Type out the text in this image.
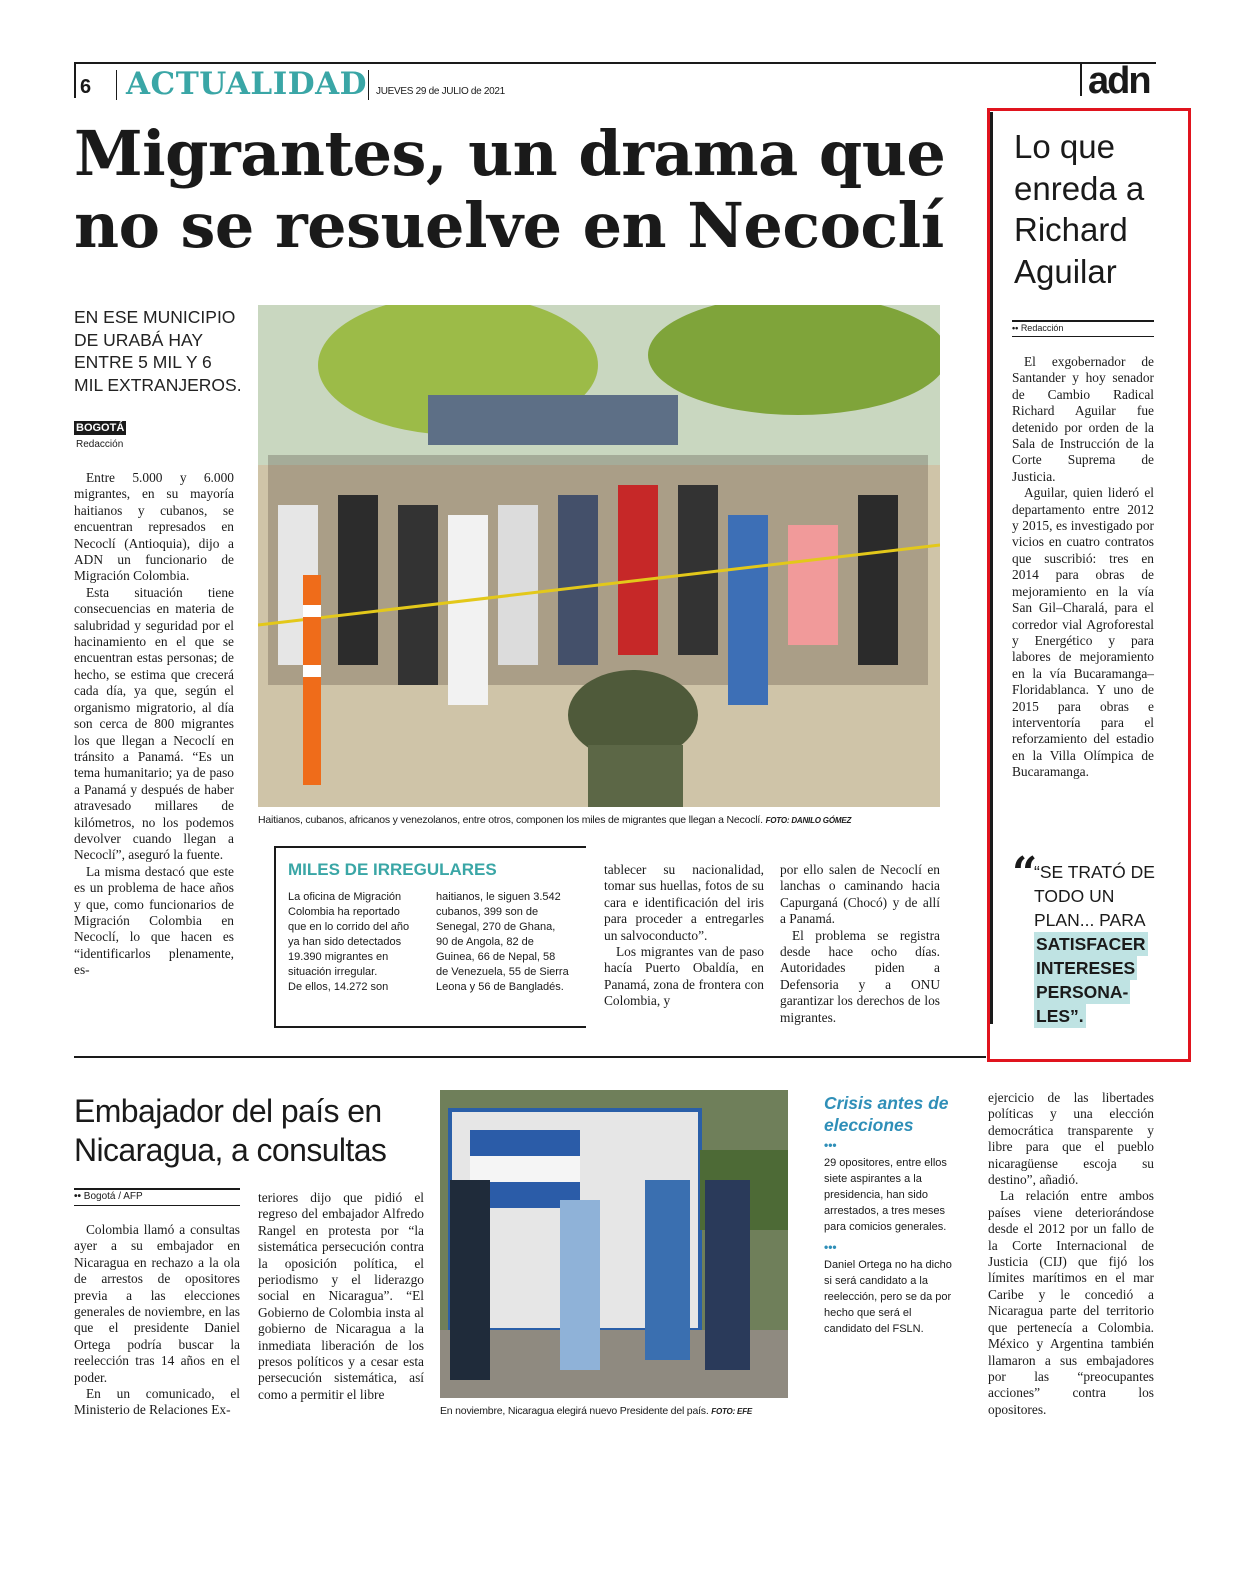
6 ACTUALIDAD JUEVES 29 de JULIO de 2021	adn
Migrantes, un drama que
no se resuelve en Necoclí
EN ESE MUNICIPIO DE URABÁ HAY ENTRE 5 MIL Y 6 MIL EXTRANJEROS.
BOGOTÁ
Redacción

Entre 5.000 y 6.000 migrantes, en su mayoría haitianos y cubanos, se encuentran represados en Necoclí (Antioquia), dijo a ADN un funcionario de Migración Colombia.

Esta situación tiene consecuencias en materia de salubridad y seguridad por el hacinamiento en el que se encuentran estas personas; de hecho, se estima que crecerá cada día, ya que, según el organismo migratorio, al día son cerca de 800 migrantes los que llegan a Necoclí en tránsito a Panamá. “Es un tema humanitario; ya de paso a Panamá y después de haber atravesado millares de kilómetros, no los podemos devolver cuando llegan a Necoclí”, aseguró la fuente.

La misma destacó que este es un problema de hace años y que, como funcionarios de Migración Colombia en Necoclí, lo que hacen es “identificarlos plenamente, es-

Haitianos, cubanos, africanos y venezolanos, entre otros, componen los miles de migrantes que llegan a Necoclí. FOTO: DANILO GÓMEZ
MILES DE IRREGULARES
La oficina de Migración Colombia ha reportado que en lo corrido del año ya han sido detectados 19.390 migrantes en situación irregular.
De ellos, 14.272 son
haitianos, le siguen 3.542 cubanos, 399 son de Senegal, 270 de Ghana, 90 de Angola, 82 de Guinea, 66 de Nepal, 58 de Venezuela, 55 de Sierra Leona y 56 de Bangladés.

tablecer su nacionalidad, tomar sus huellas, fotos de su cara e identificación del iris para proceder a entregarles un salvoconducto”.

Los migrantes van de paso hacía Puerto Obaldía, en Panamá, zona de frontera con Colombia, y

por ello salen de Necoclí en lanchas o caminando hacia Capurganá (Chocó) y de allí a Panamá.

El problema se registra desde hace ocho días. Autoridades piden a Defensoria y a ONU garantizar los derechos de los migrantes.

Lo que enreda a Richard Aguilar
•• Redacción

El exgobernador de Santander y hoy senador de Cambio Radical Richard Aguilar fue detenido por orden de la Sala de Instrucción de la Corte Suprema de Justicia.

Aguilar, quien lideró el departamento entre 2012 y 2015, es investigado por vicios en cuatro contratos que suscribió: tres en 2014 para obras de mejoramiento en la vía San Gil–Charalá, para el corredor vial Agroforestal y Energético y para labores de mejoramiento en la vía Bucaramanga–Floridablanca. Y uno de 2015 para obras e interventoría para el reforzamiento del estadio en la Villa Olímpica de Bucaramanga.

“
“SE TRATÓ DE
TODO UN
PLAN... PARA
SATISFACER
INTERESES
PERSONA-
LES”.
Embajador del país en Nicaragua, a consultas
•• Bogotá / AFP

Colombia llamó a consultas ayer a su embajador en Nicaragua en rechazo a la ola de arrestos de opositores previa a las elecciones generales de noviembre, en las que el presidente Daniel Ortega podría buscar la reelección tras 14 años en el poder.

En un comunicado, el Ministerio de Relaciones Ex-

teriores dijo que pidió el regreso del embajador Alfredo Rangel en protesta por “la sistemática persecución contra la oposición política, el periodismo y el liderazgo social en Nicaragua”. “El Gobierno de Colombia insta al gobierno de Nicaragua a la inmediata liberación de los presos políticos y a cesar esta persecución sistemática, así como a permitir el libre
En noviembre, Nicaragua elegirá nuevo Presidente del país. FOTO: EFE
Crisis antes de elecciones
•••
29 opositores, entre ellos siete aspirantes a la presidencia, han sido arrestados, a tres meses para comicios generales.
•••
Daniel Ortega no ha dicho si será candidato a la reelección, pero se da por hecho que será el candidato del FSLN.

ejercicio de las libertades políticas y una elección democrática transparente y libre para que el pueblo nicaragüense escoja su destino”, añadió.

La relación entre ambos países viene deteriorándose desde el 2012 por un fallo de la Corte Internacional de Justicia (CIJ) que fijó los límites marítimos en el mar Caribe y le concedió a Nicaragua parte del territorio que pertenecía a Colombia. México y Argentina también llamaron a sus embajadores por las “preocupantes acciones” contra los opositores.
